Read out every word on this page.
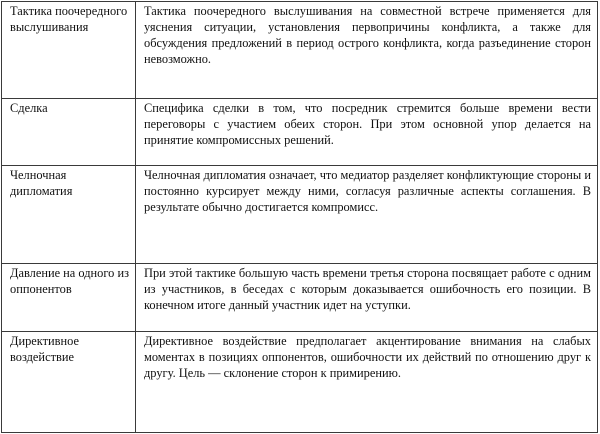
Тактика поочередного выслушивания	Тактика поочередного выслушивания на совместной встрече применяется для уяснения ситуации, установления первопричины конфликта, а также для обсуждения предложений в период острого конфликта, когда разъединение сторон невозможно.
Сделка	Специфика сделки в том, что посредник стремится больше времени вести переговоры с участием обеих сторон. При этом основной упор делается на принятие компромиссных решений.
Челночная дипломатия	Челночная дипломатия означает, что медиатор разделяет конфликтующие стороны и постоянно курсирует между ними, согласуя различные аспекты соглашения. В результате обычно достигается компромисс.
Давление на одного из оппонентов	При этой тактике большую часть времени третья сторона посвящает работе с одним из участников, в беседах с которым доказывается ошибочность его позиции. В конечном итоге данный участник идет на уступки.
Директивное воздействие	Директивное воздействие предполагает акцентирование внимания на слабых моментах в позициях оппонентов, ошибочности их действий по отношению друг к другу. Цель — склонение сторон к примирению.
